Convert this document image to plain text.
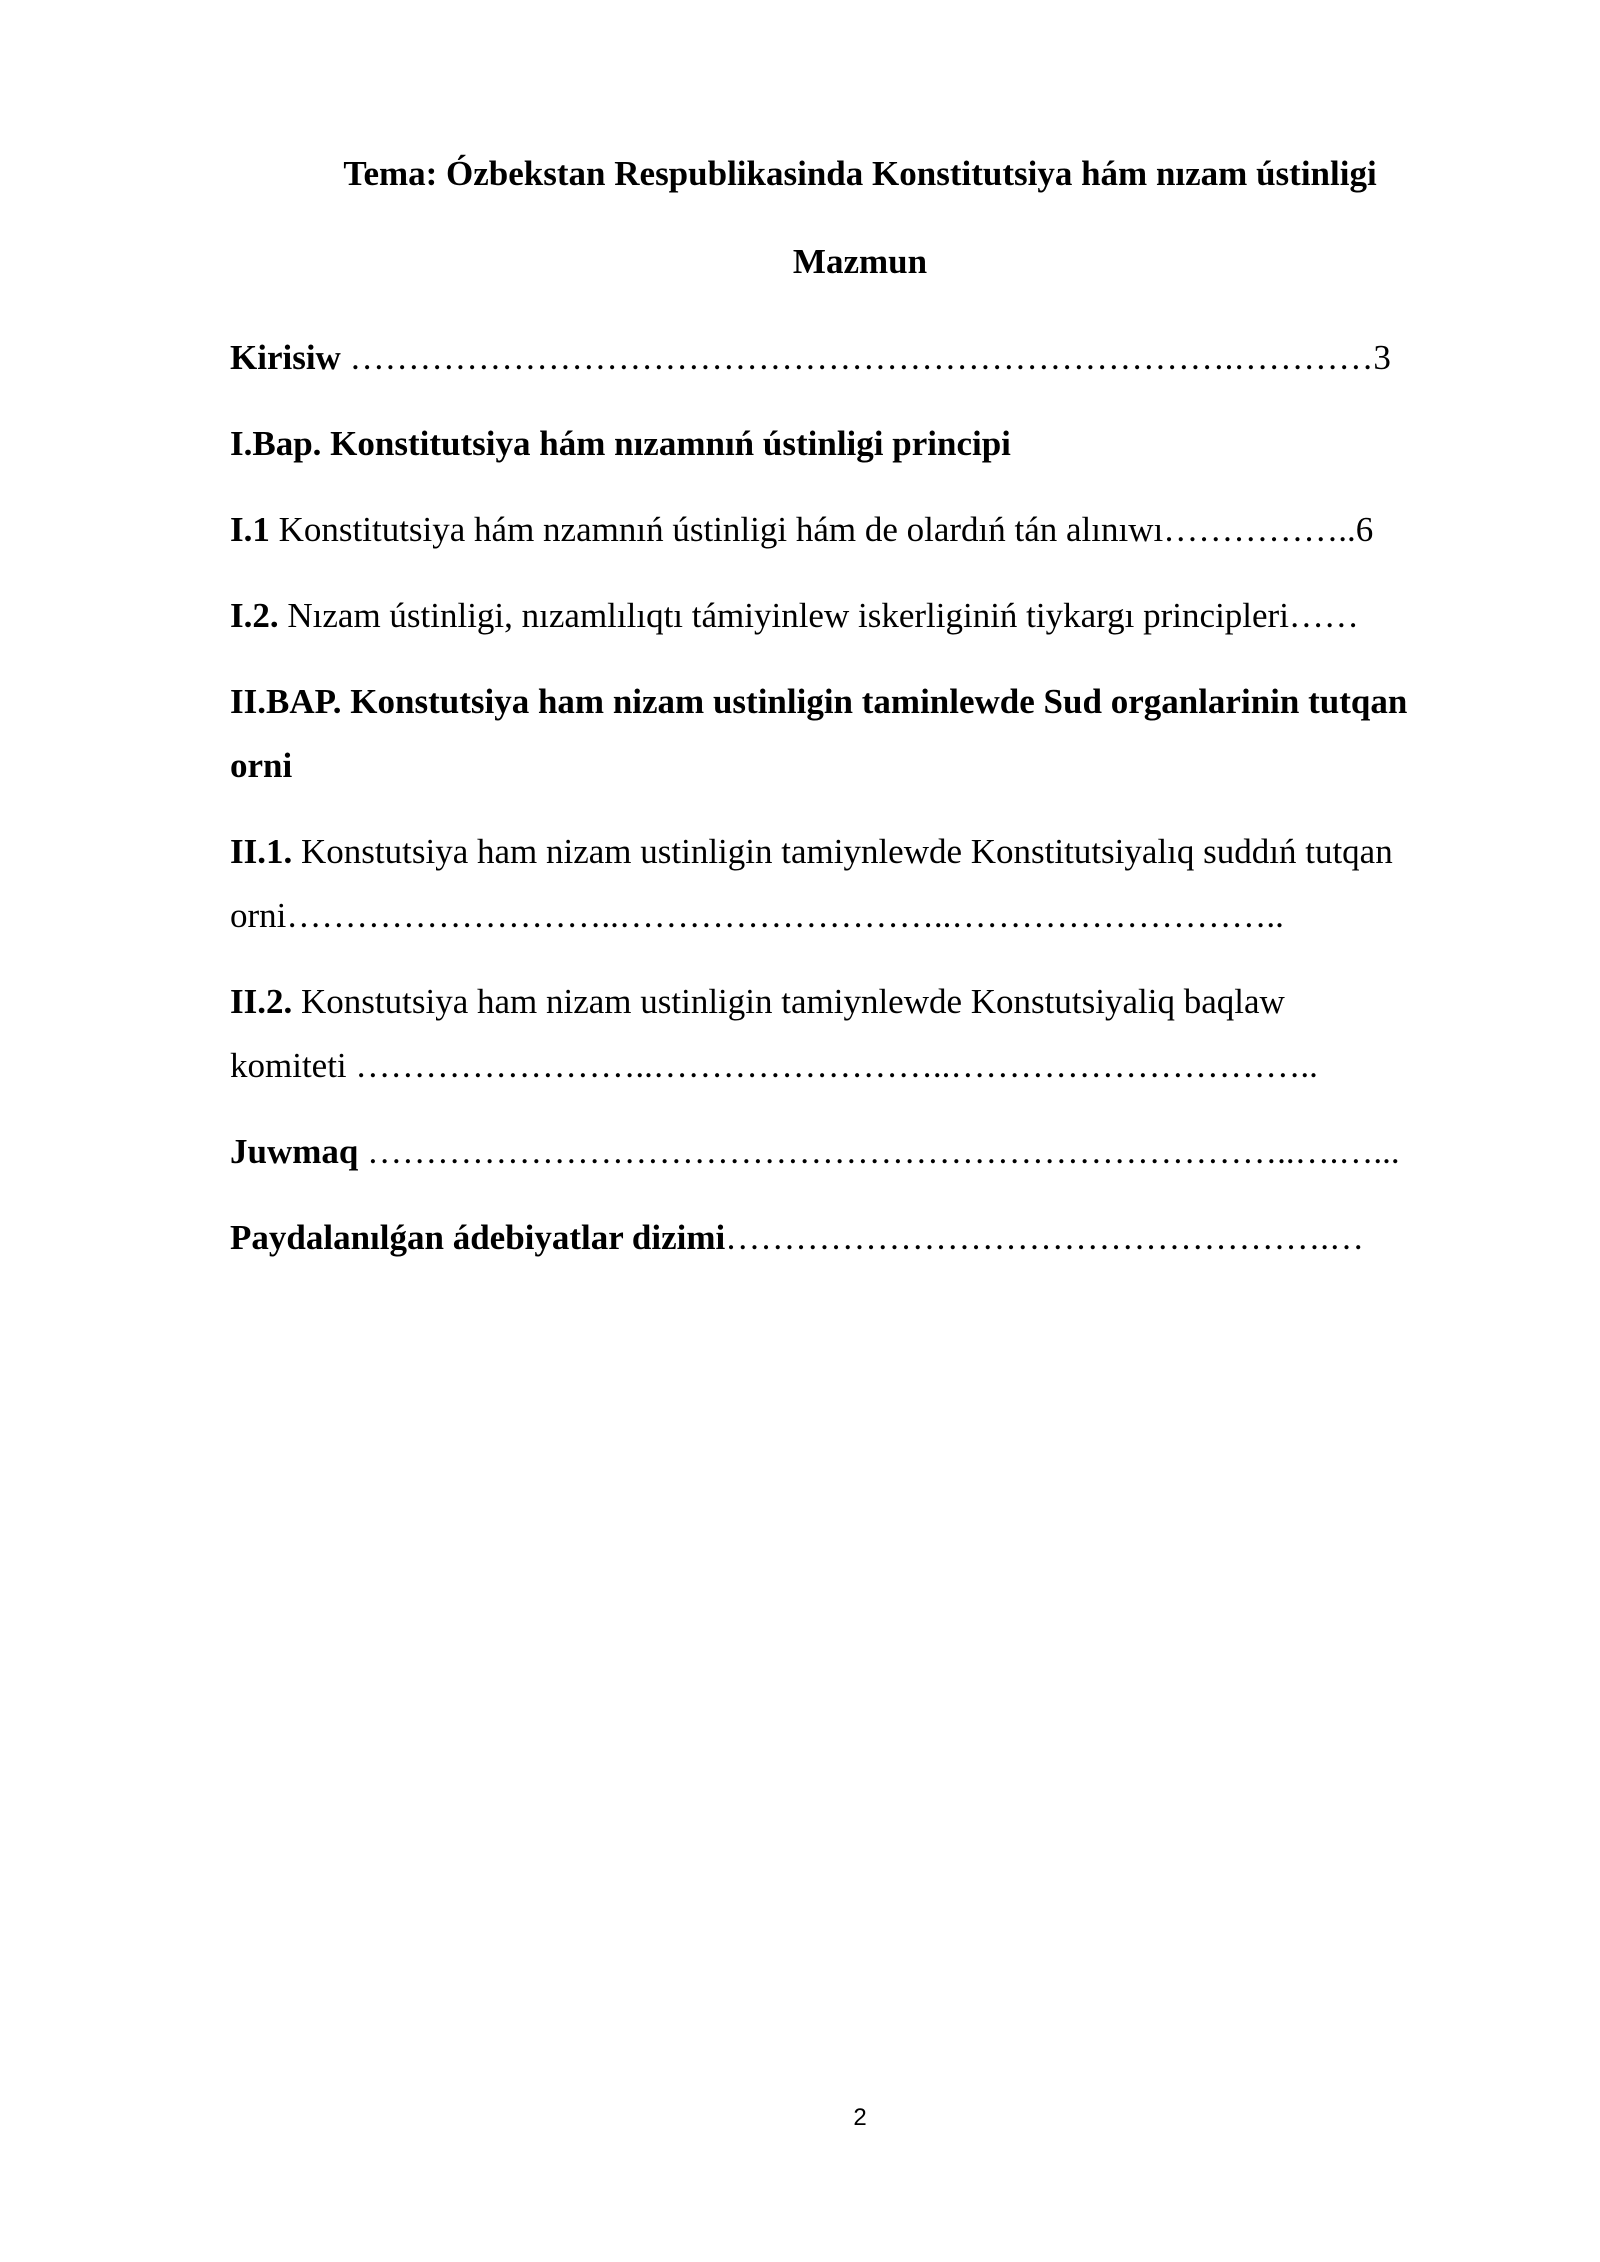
Tema: Ózbekstan Respublikasinda Konstitutsiya hám nızam ústinligi
Mazmun
Kirisiw ………………………………………………………………….…………3
I.Bap. Konstitutsiya hám nızamnıń ústinligi principi
I.1 Konstitutsiya hám nzamnıń ústinligi hám de olardıń tán alınıwı……………..6
I.2. Nızam ústinligi, nızamlılıqtı támiyinlew iskerliginiń tiykargı principleri……
II.BAP. Konstutsiya ham nizam ustinligin taminlewde Sud organlarinin tutqan
orni
II.1. Konstutsiya ham nizam ustinligin tamiynlewde Konstitutsiyalıq suddıń tutqan
orni………………………..………………………..………………………..
II.2. Konstutsiya ham nizam ustinligin tamiynlewde Konstutsiyaliq baqlaw
komiteti ……………………..……………………..…………………………..
Juwmaq ……………………………………………………………………..….…...
Paydalanılǵan ádebiyatlar dizimi…………………………………………….…
2
